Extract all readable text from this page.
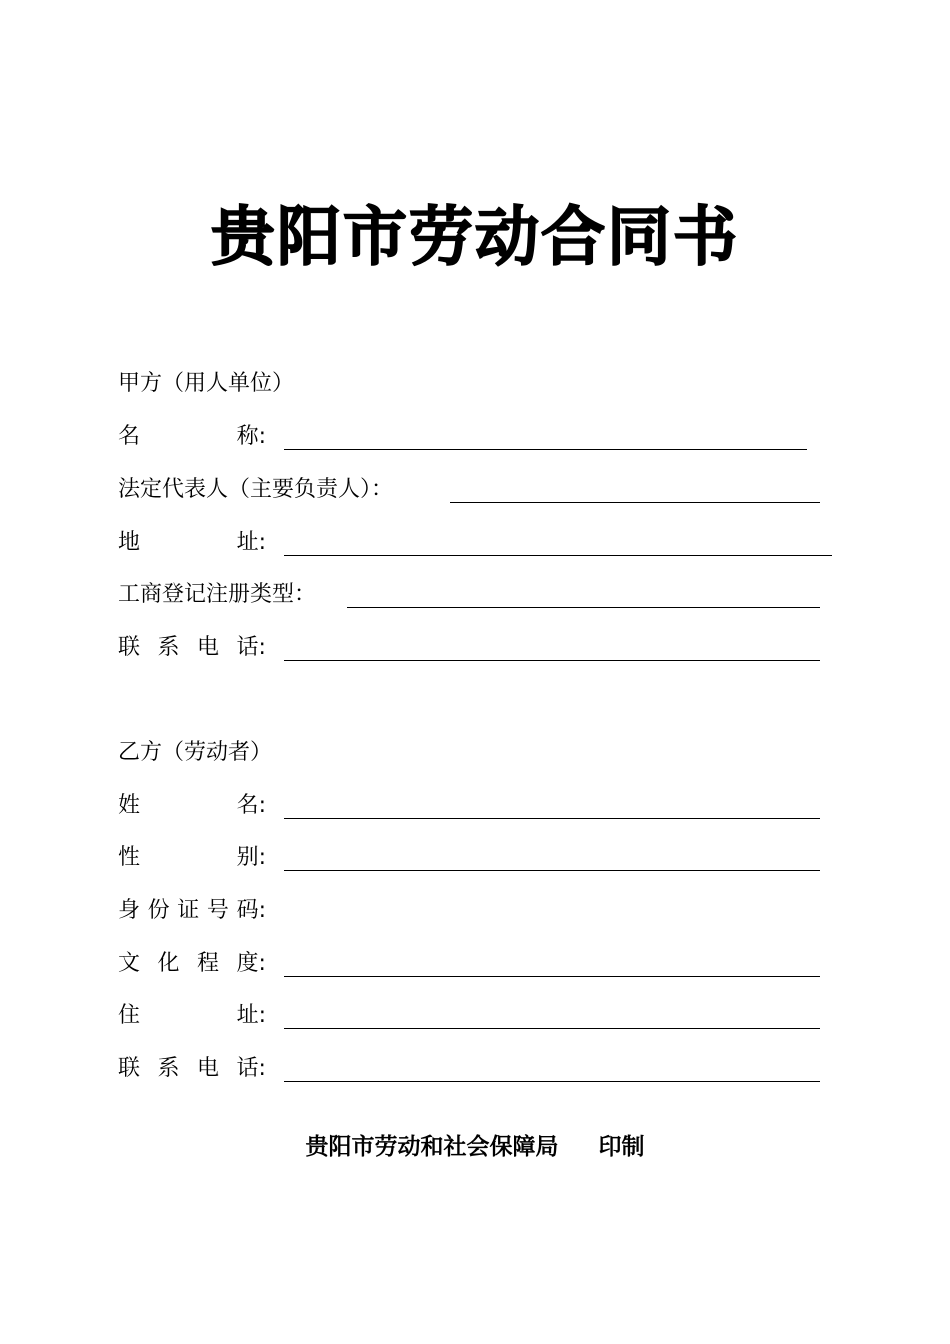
贵阳市劳动合同书
甲方（用人单位）
名	称:
法定代表人（主要负责人）：
地	址:
工商登记注册类型：
联 系 电 话:
乙方（劳动者）
姓	名:
性	别:
身 份 证 号 码:
文 化 程 度:
住	址:
联 系 电 话:
贵阳市劳动和社会保障局 印制
